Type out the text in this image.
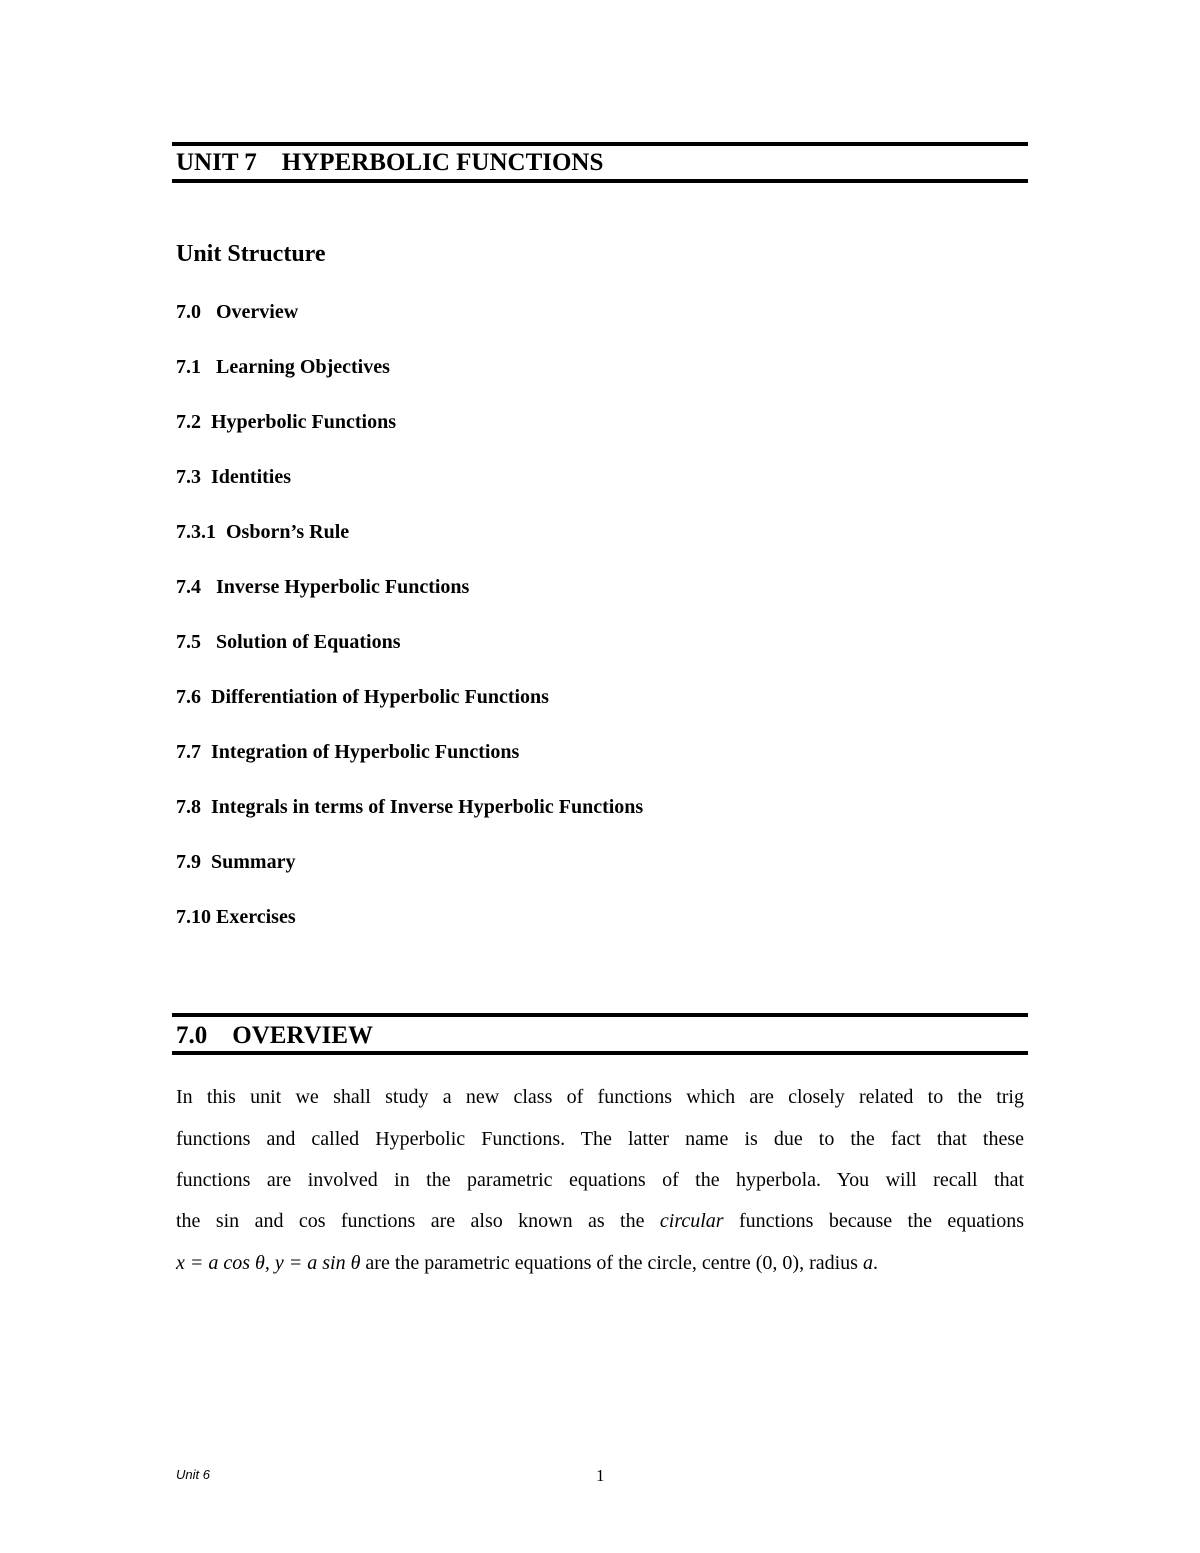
UNIT 7    HYPERBOLIC FUNCTIONS
Unit Structure
7.0   Overview
7.1   Learning Objectives
7.2  Hyperbolic Functions
7.3  Identities
7.3.1  Osborn’s Rule
7.4   Inverse Hyperbolic Functions
7.5   Solution of Equations
7.6  Differentiation of Hyperbolic Functions
7.7  Integration of Hyperbolic Functions
7.8  Integrals in terms of Inverse Hyperbolic Functions
7.9  Summary
7.10 Exercises
7.0    OVERVIEW
In this unit we shall study a new class of functions which are closely related to the trig
functions and called Hyperbolic Functions. The latter name is due to the fact that these
functions are involved in the parametric equations of the hyperbola. You will recall that
the sin and cos functions are also known as the circular functions because the equations
x = a cos θ, y = a sin θ are the parametric equations of the circle, centre (0, 0), radius a.
Unit 6	1
